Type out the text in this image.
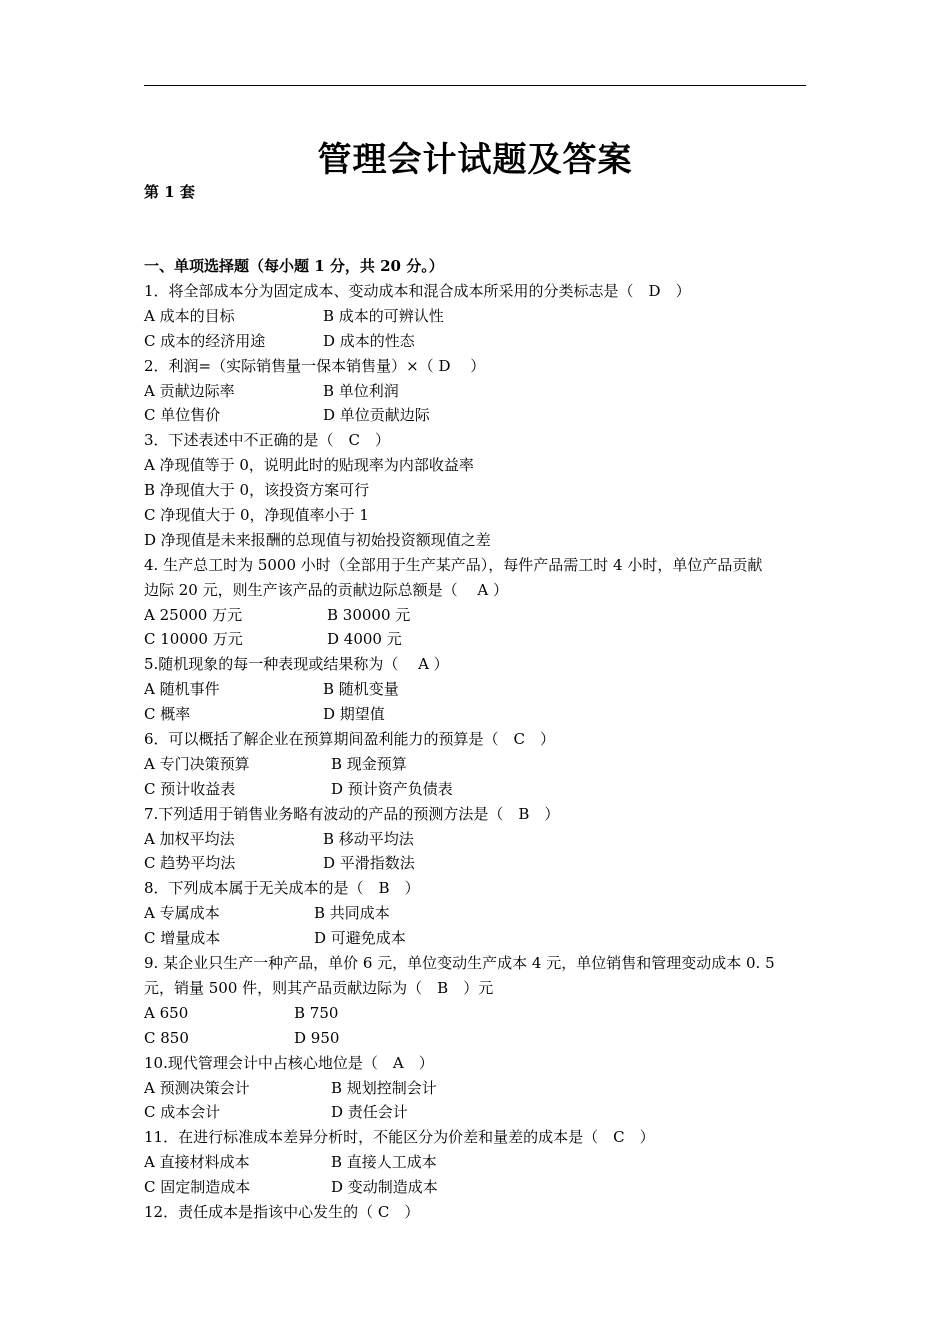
管理会计试题及答案
第 1 套
一、单项选择题（每小题 1 分，共 20 分。）
1．将全部成本分为固定成本、变动成本和混合成本所采用的分类标志是（　D　）
A 成本的目标	B 成本的可辨认性
C 成本的经济用途	D 成本的性态
2．利润=（实际销售量一保本销售量）×（ D　 ）
A 贡献边际率	B 单位利润
C 单位售价	D 单位贡献边际
3．下述表述中不正确的是（　C　）
A 净现值等于 0，说明此时的贴现率为内部收益率
B 净现值大于 0，该投资方案可行
C 净现值大于 0，净现值率小于 1
D 净现值是未来报酬的总现值与初始投资额现值之差
4. 生产总工时为 5000 小时（全部用于生产某产品），每件产品需工时 4 小时，单位产品贡献
边际 20 元，则生产该产品的贡献边际总额是（　 A ）
A 25000 万元	B 30000 元
C 10000 万元	D 4000 元
5.随机现象的每一种表现或结果称为（　 A ）
A 随机事件	B 随机变量
C 概率	D 期望值
6．可以概括了解企业在预算期间盈利能力的预算是（　C　）
A 专门决策预算	B 现金预算
C 预计收益表	D 预计资产负债表
7.下列适用于销售业务略有波动的产品的预测方法是（　B　）
A 加权平均法	B 移动平均法
C 趋势平均法	D 平滑指数法
8．下列成本属于无关成本的是（　B　）
A 专属成本	B 共同成本
C 增量成本	D 可避免成本
9. 某企业只生产一种产品，单价 6 元，单位变动生产成本 4 元，单位销售和管理变动成本 0. 5
元，销量 500 件，则其产品贡献边际为（　B　）元
A 650	B 750
C 850	D 950
10.现代管理会计中占核心地位是（　A　）
A 预测决策会计	B 规划控制会计
C 成本会计	D 责任会计
11．在进行标准成本差异分析时，不能区分为价差和量差的成本是（　C　）
A 直接材料成本	B 直接人工成本
C 固定制造成本	D 变动制造成本
12．责任成本是指该中心发生的（ C　）
